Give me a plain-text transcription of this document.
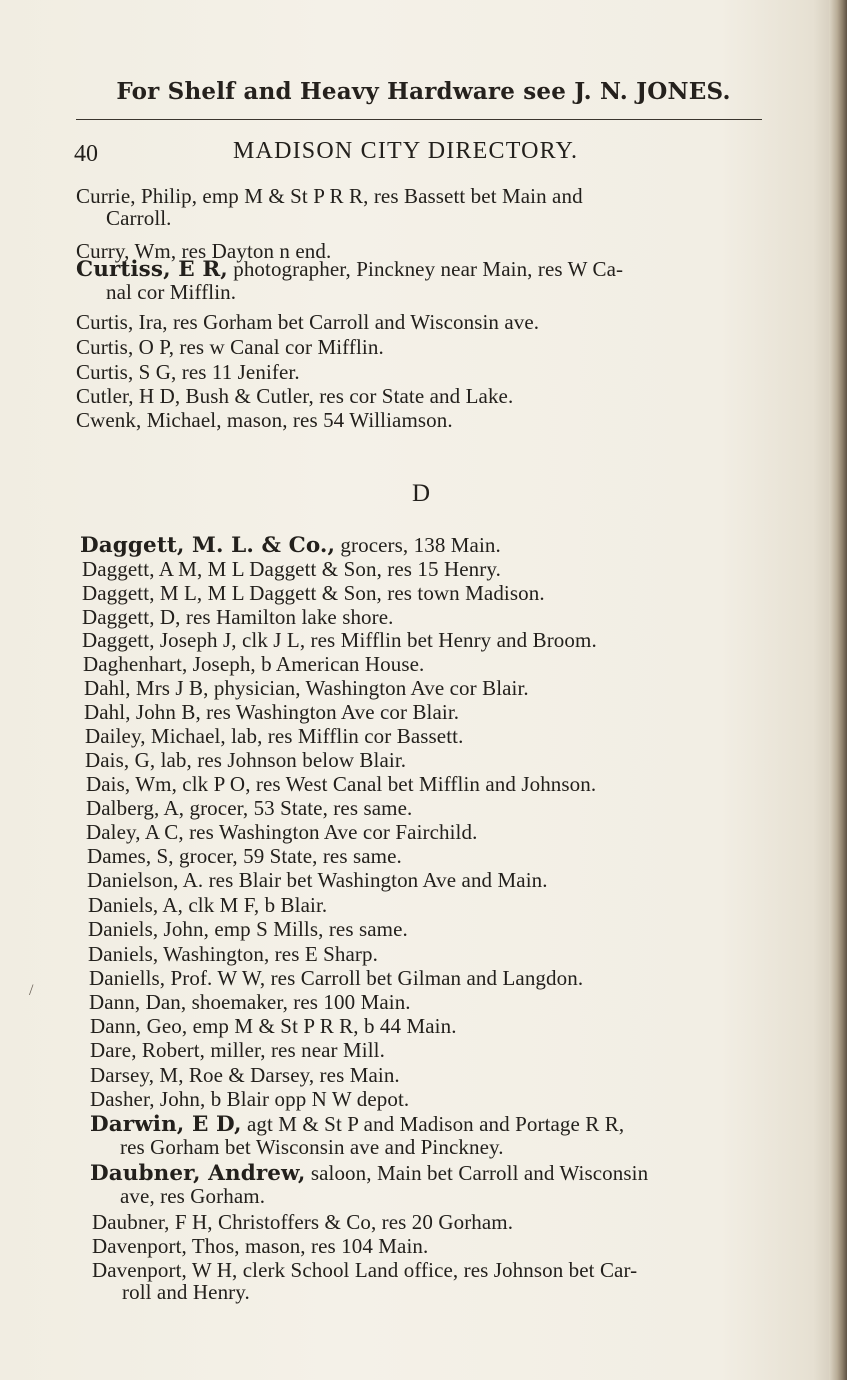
For Shelf and Heavy Hardware see J. N. JONES.
40	MADISON CITY DIRECTORY.
D
/
Currie, Philip, emp M & St P R R, res Bassett bet Main and
Carroll.
Curry, Wm, res Dayton n end.
Curtiss, E R, photographer, Pinckney near Main, res W Ca-
nal cor Mifflin.
Curtis, Ira, res Gorham bet Carroll and Wisconsin ave.
Curtis, O P, res w Canal cor Mifflin.
Curtis, S G, res 11 Jenifer.
Cutler, H D, Bush & Cutler, res cor State and Lake.
Cwenk, Michael, mason, res 54 Williamson.
Daggett, M. L. & Co., grocers, 138 Main.
Daggett, A M, M L Daggett & Son, res 15 Henry.
Daggett, M L, M L Daggett & Son, res town Madison.
Daggett, D, res Hamilton lake shore.
Daggett, Joseph J, clk J L, res Mifflin bet Henry and Broom.
Daghenhart, Joseph, b American House.
Dahl, Mrs J B, physician, Washington Ave cor Blair.
Dahl, John B, res Washington Ave cor Blair.
Dailey, Michael, lab, res Mifflin cor Bassett.
Dais, G, lab, res Johnson below Blair.
Dais, Wm, clk P O, res West Canal bet Mifflin and Johnson.
Dalberg, A, grocer, 53 State, res same.
Daley, A C, res Washington Ave cor Fairchild.
Dames, S, grocer, 59 State, res same.
Danielson, A. res Blair bet Washington Ave and Main.
Daniels, A, clk M F, b Blair.
Daniels, John, emp S Mills, res same.
Daniels, Washington, res E Sharp.
Daniells, Prof. W W, res Carroll bet Gilman and Langdon.
Dann, Dan, shoemaker, res 100 Main.
Dann, Geo, emp M & St P R R, b 44 Main.
Dare, Robert, miller, res near Mill.
Darsey, M, Roe & Darsey, res Main.
Dasher, John, b Blair opp N W depot.
Darwin, E D, agt M & St P and Madison and Portage R R,
res Gorham bet Wisconsin ave and Pinckney.
Daubner, Andrew, saloon, Main bet Carroll and Wisconsin
ave, res Gorham.
Daubner, F H, Christoffers & Co, res 20 Gorham.
Davenport, Thos, mason, res 104 Main.
Davenport, W H, clerk School Land office, res Johnson bet Car-
roll and Henry.
